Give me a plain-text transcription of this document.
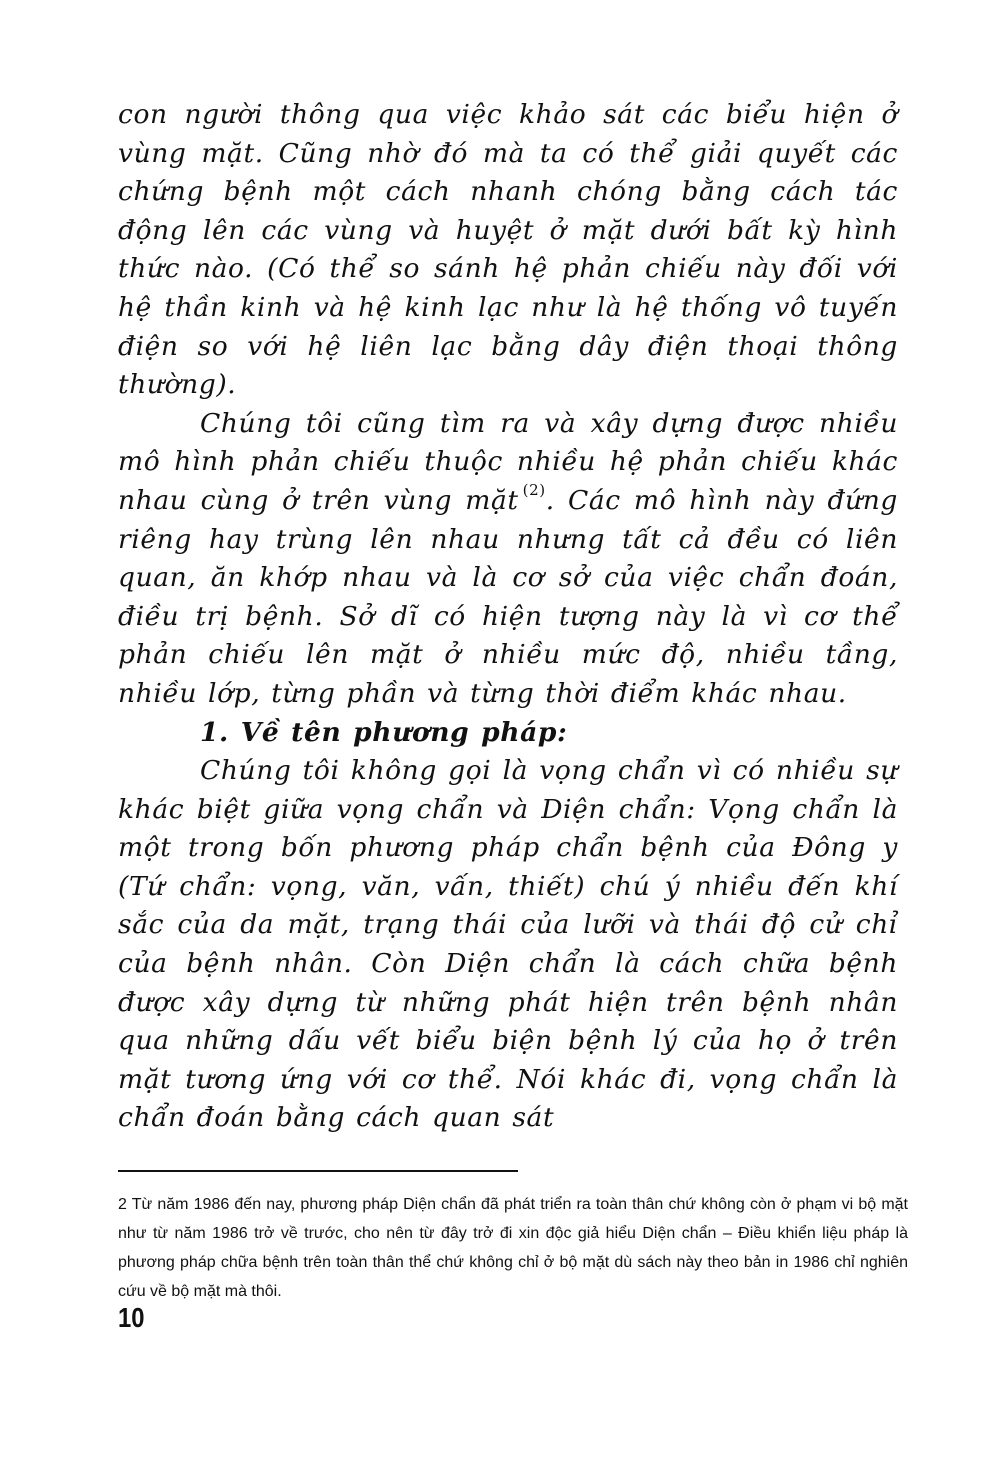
con người thông qua việc khảo sát các biểu hiện ở vùng mặt. Cũng nhờ đó mà ta có thể giải quyết các chứng bệnh một cách nhanh chóng bằng cách tác động lên các vùng và huyệt ở mặt dưới bất kỳ hình thức nào. (Có thể so sánh hệ phản chiếu này đối với hệ thần kinh và hệ kinh lạc như là hệ thống vô tuyến điện so với hệ liên lạc bằng dây điện thoại thông thường).

Chúng tôi cũng tìm ra và xây dựng được nhiều mô hình phản chiếu thuộc nhiều hệ phản chiếu khác nhau cùng ở trên vùng mặt $^{(2)}$. Các mô hình này đứng riêng hay trùng lên nhau nhưng tất cả đều có liên quan, ăn khớp nhau và là cơ sở của việc chẩn đoán, điều trị bệnh. Sở dĩ có hiện tượng này là vì cơ thể phản chiếu lên mặt ở nhiều mức độ, nhiều tầng, nhiều lớp, từng phần và từng thời điểm khác nhau.

1. Về tên phương pháp:

Chúng tôi không gọi là vọng chẩn vì có nhiều sự khác biệt giữa vọng chẩn và Diện chẩn: Vọng chẩn là một trong bốn phương pháp chẩn bệnh của Đông y (Tứ chẩn: vọng, văn, vấn, thiết) chú ý nhiều đến khí sắc của da mặt, trạng thái của lưỡi và thái độ cử chỉ của bệnh nhân. Còn Diện chẩn là cách chữa bệnh được xây dựng từ những phát hiện trên bệnh nhân qua những dấu vết biểu biện bệnh lý của họ ở trên mặt tương ứng với cơ thể. Nói khác đi, vọng chẩn là chẩn đoán bằng cách quan sát

2 Từ năm 1986 đến nay, phương pháp Diện chẩn đã phát triển ra toàn thân chứ không còn ở phạm vi bộ mặt như từ năm 1986 trở về trước, cho nên từ đây trở đi xin độc giả hiểu Diện chẩn – Điều khiển liệu pháp là phương pháp chữa bệnh trên toàn thân thể chứ không chỉ ở bộ mặt dù sách này theo bản in 1986 chỉ nghiên cứu về bộ mặt mà thôi.

10
